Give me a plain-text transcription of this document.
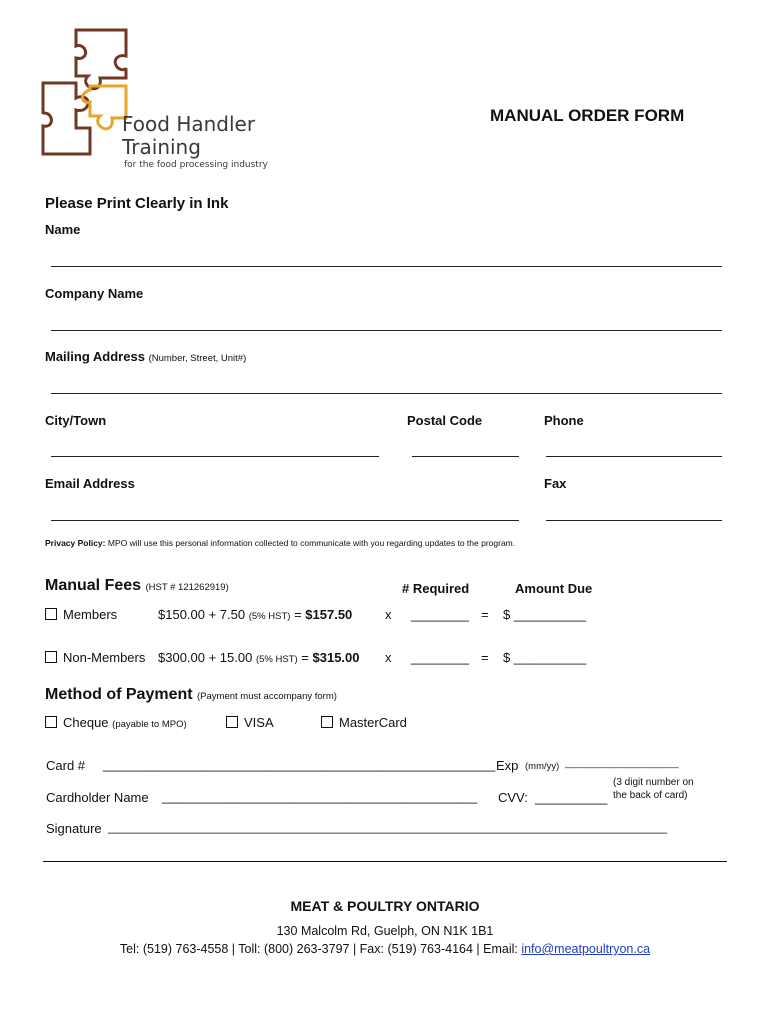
Food Handler
Training
for the food processing industry
MANUAL ORDER FORM
Please Print Clearly in Ink
Name
Company Name
Mailing Address (Number, Street, Unit#)
City/Town	Postal Code	Phone
Email Address	Fax
Privacy Policy: MPO will use this personal information collected to communicate with you regarding updates to the program.
Manual Fees (HST # 121262919)	# Required	Amount Due
Members	$150.00 + 7.50 (5% HST) = $157.50	x ________ = $ __________
Non-Members $300.00 + 15.00 (5% HST) = $315.00 x ________ = $ __________
Method of Payment (Payment must accompany form)
Cheque (payable to MPO)	VISA	MasterCard
Card # ________________________________________________________ Exp (mm/yy) _______________________
(3 digit number on
the back of card)
Cardholder Name _____________________________________________ CVV: __________
Signature ______________________________________________________________________________________
MEAT & POULTRY ONTARIO
130 Malcolm Rd, Guelph, ON N1K 1B1
Tel: (519) 763-4558 | Toll: (800) 263-3797 | Fax: (519) 763-4164 | Email: info@meatpoultryon.ca
